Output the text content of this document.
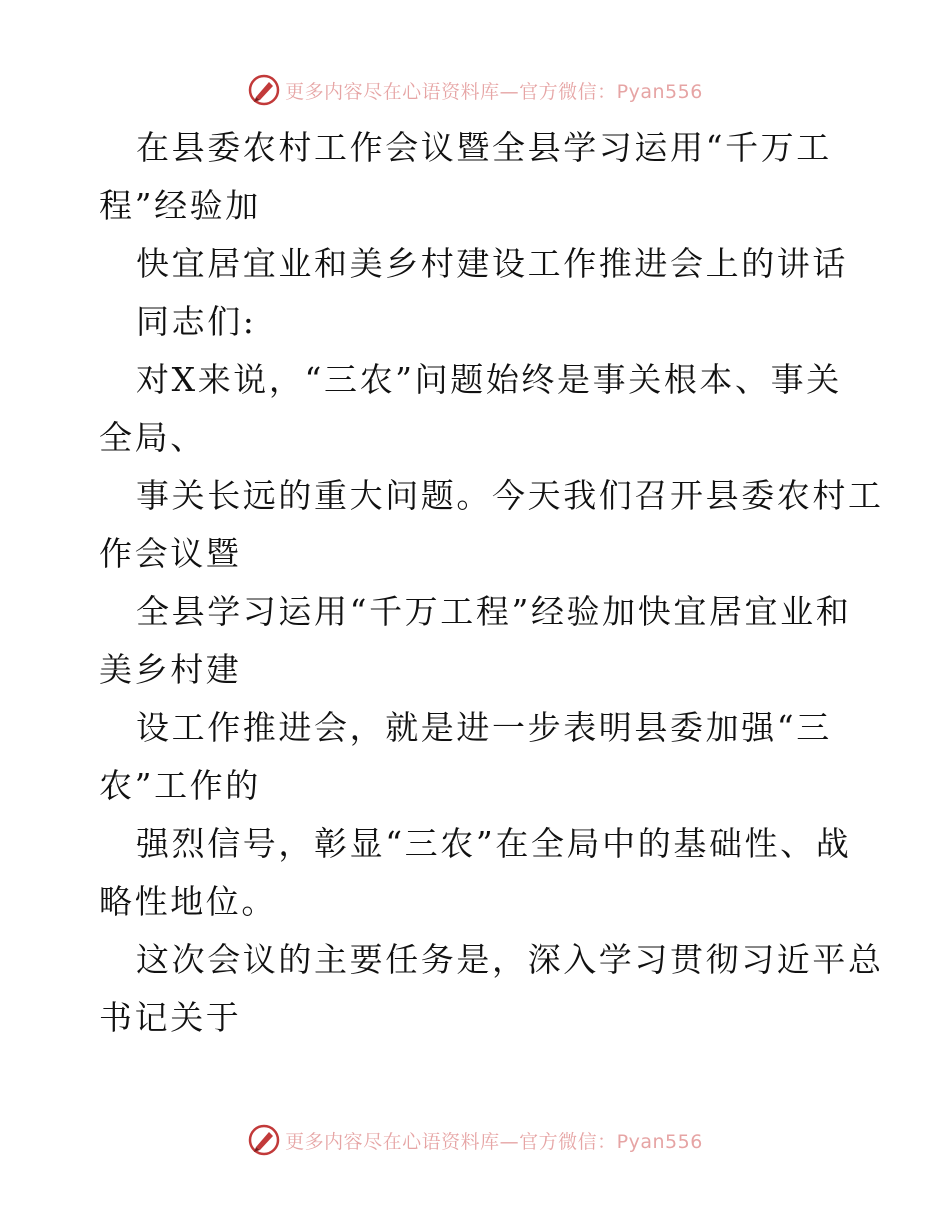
更多内容尽在心语资料库—官方微信：Pyan556
在县委农村工作会议暨全县学习运用“千万工
程”经验加
快宜居宜业和美乡村建设工作推进会上的讲话
同志们:
对X来说，“三农”问题始终是事关根本、事关
全局、
事关长远的重大问题。今天我们召开县委农村工
作会议暨
全县学习运用“千万工程”经验加快宜居宜业和
美乡村建
设工作推进会，就是进一步表明县委加强“三
农”工作的
强烈信号，彰显“三农”在全局中的基础性、战
略性地位。
这次会议的主要任务是，深入学习贯彻习近平总
书记关于
更多内容尽在心语资料库—官方微信：Pyan556
